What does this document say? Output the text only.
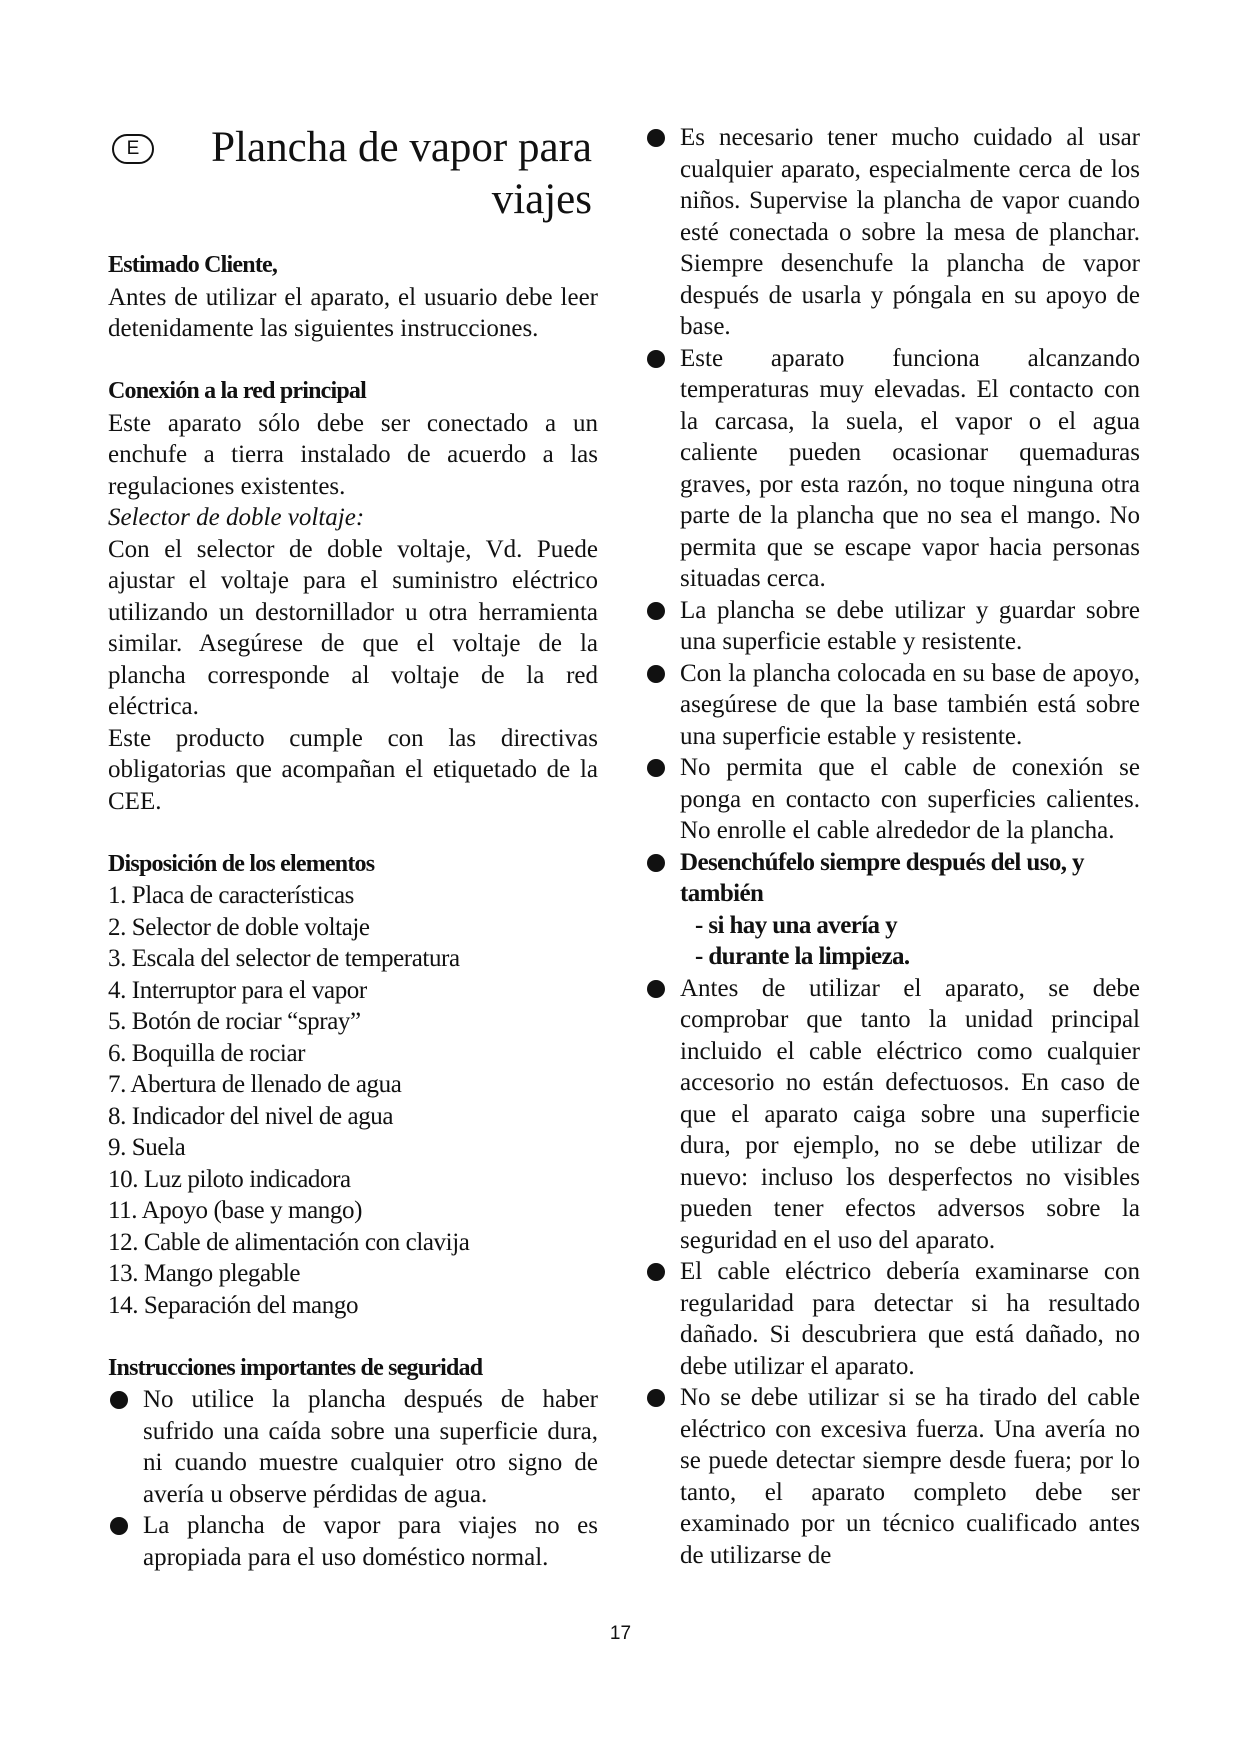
E	Plancha de vapor para
viajes

Estimado Cliente,

Antes de utilizar el aparato, el usuario debe leer detenidamente las siguientes instrucciones.

Conexión a la red principal

Este aparato sólo debe ser conectado a un enchufe a tierra instalado de acuerdo a las regulaciones existentes.

Selector de doble voltaje:

Con el selector de doble voltaje, Vd. Puede ajustar el voltaje para el suministro eléctrico utilizando un destornillador u otra herramienta similar. Asegúrese de que el voltaje de la plancha corresponde al voltaje de la red eléctrica.

Este producto cumple con las directivas obligatorias que acompañan el etiquetado de la CEE.

Disposición de los elementos

1. Placa de características
2. Selector de doble voltaje
3. Escala del selector de temperatura
4. Interruptor para el vapor
5. Botón de rociar “spray”
6. Boquilla de rociar
7. Abertura de llenado de agua
8. Indicador del nivel de agua
9. Suela
10. Luz piloto indicadora
11. Apoyo (base y mango)
12. Cable de alimentación con clavija
13. Mango plegable
14. Separación del mango

Instrucciones importantes de seguridad

No utilice la plancha después de haber sufrido una caída sobre una superficie dura, ni cuando muestre cualquier otro signo de avería u observe pérdidas de agua.
La plancha de vapor para viajes no es apropiada para el uso doméstico normal.
Es necesario tener mucho cuidado al usar cualquier aparato, especialmente cerca de los niños. Supervise la plancha de vapor cuando esté conectada o sobre la mesa de planchar. Siempre desenchufe la plancha de vapor después de usarla y póngala en su apoyo de base.
Este aparato funciona alcanzando temperaturas muy elevadas. El contacto con la carcasa, la suela, el vapor o el agua caliente pueden ocasionar quemaduras graves, por esta razón, no toque ninguna otra parte de la plancha que no sea el mango. No permita que se escape vapor hacia personas situadas cerca.
La plancha se debe utilizar y guardar sobre una superficie estable y resistente.
Con la plancha colocada en su base de apoyo, asegúrese de que la base también está sobre una superficie estable y resistente.
No permita que el cable de conexión se ponga en contacto con superficies calientes. No enrolle el cable alrededor de la plancha.
Desenchúfelo siempre después del uso, y también
- si hay una avería y
- durante la limpieza.
Antes de utilizar el aparato, se debe comprobar que tanto la unidad principal incluido el cable eléctrico como cualquier accesorio no están defectuosos. En caso de que el aparato caiga sobre una superficie dura, por ejemplo, no se debe utilizar de nuevo: incluso los desperfectos no visibles pueden tener efectos adversos sobre la seguridad en el uso del aparato.
El cable eléctrico debería examinarse con regularidad para detectar si ha resultado dañado. Si descubriera que está dañado, no debe utilizar el aparato.
No se debe utilizar si se ha tirado del cable eléctrico con excesiva fuerza. Una avería no se puede detectar siempre desde fuera; por lo tanto, el aparato completo debe ser examinado por un técnico cualificado antes de utilizarse de
17
